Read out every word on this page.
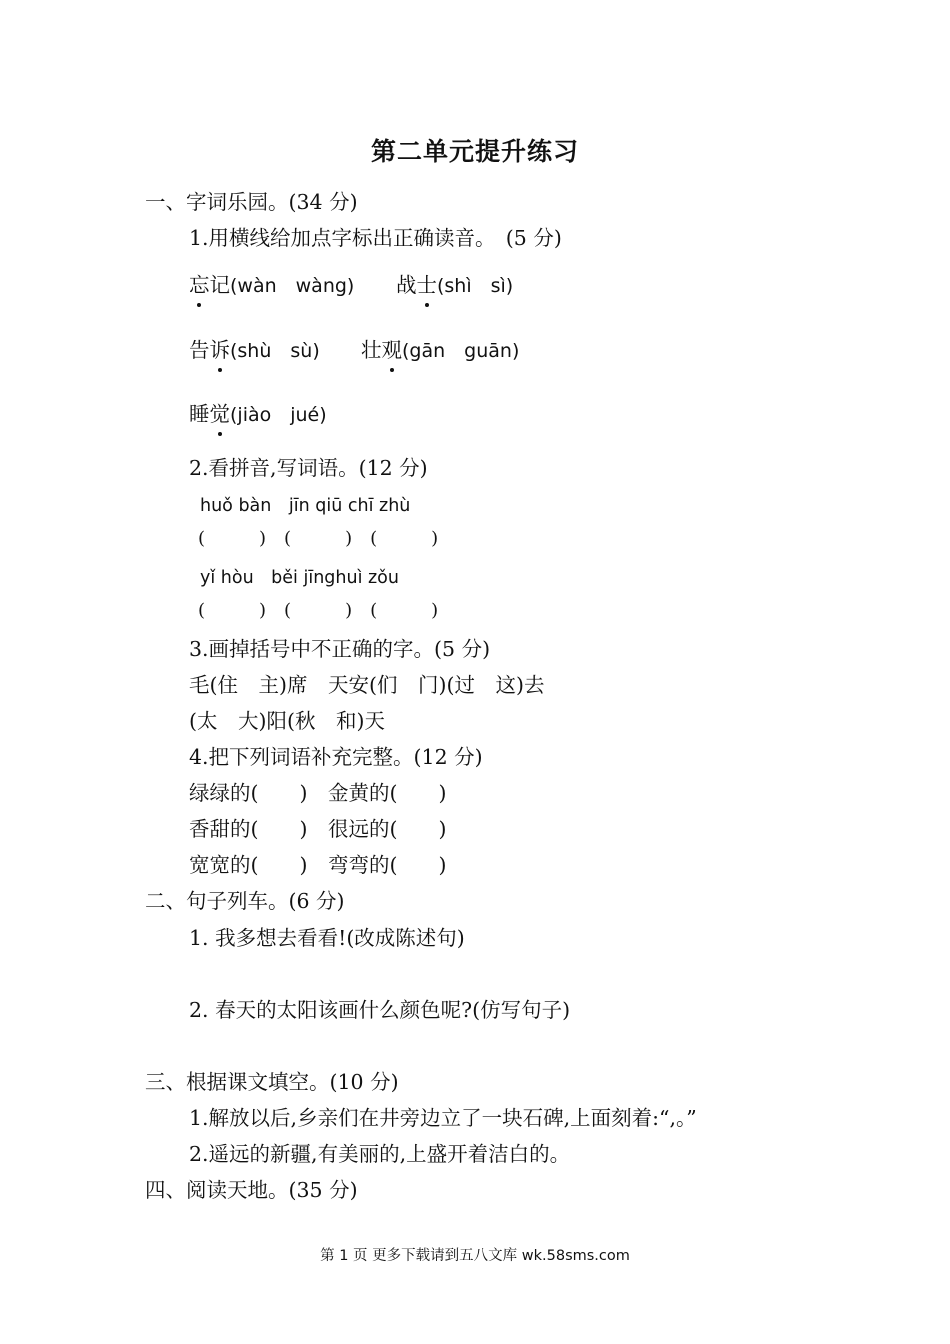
第二单元提升练习
一、字词乐园。(34 分)
1.用横线给加点字标出正确读音。　(5 分)
忘记(wàn　wàng) 战士(shì　sì)
告诉(shù　sù) 壮观(gān　guān)
睡觉(jiào　jué)
2.看拼音,写词语。(12 分)
huǒ bàn　jīn qiū chī zhù
(　　　)　(　　　)　(　　　)
yǐ hòu　běi jīnghuì zǒu
(　　　)　(　　　)　(　　　)
3.画掉括号中不正确的字。(5 分)
毛(住　主)席　天安(们　门)(过　这)去
(太　大)阳(秋　和)天
4.把下列词语补充完整。(12 分)
绿绿的(　　)　金黄的(　　)
香甜的(　　)　很远的(　　)
宽宽的(　　)　弯弯的(　　)
二、句子列车。(6 分)
1. 我多想去看看!(改成陈述句)
2. 春天的太阳该画什么颜色呢?(仿写句子)
三、根据课文填空。(10 分)
1.解放以后,乡亲们在井旁边立了一块石碑,上面刻着:“,。”
2.遥远的新疆,有美丽的,上盛开着洁白的。
四、阅读天地。(35 分)
第 1 页 更多下载请到五八文库 wk.58sms.com
